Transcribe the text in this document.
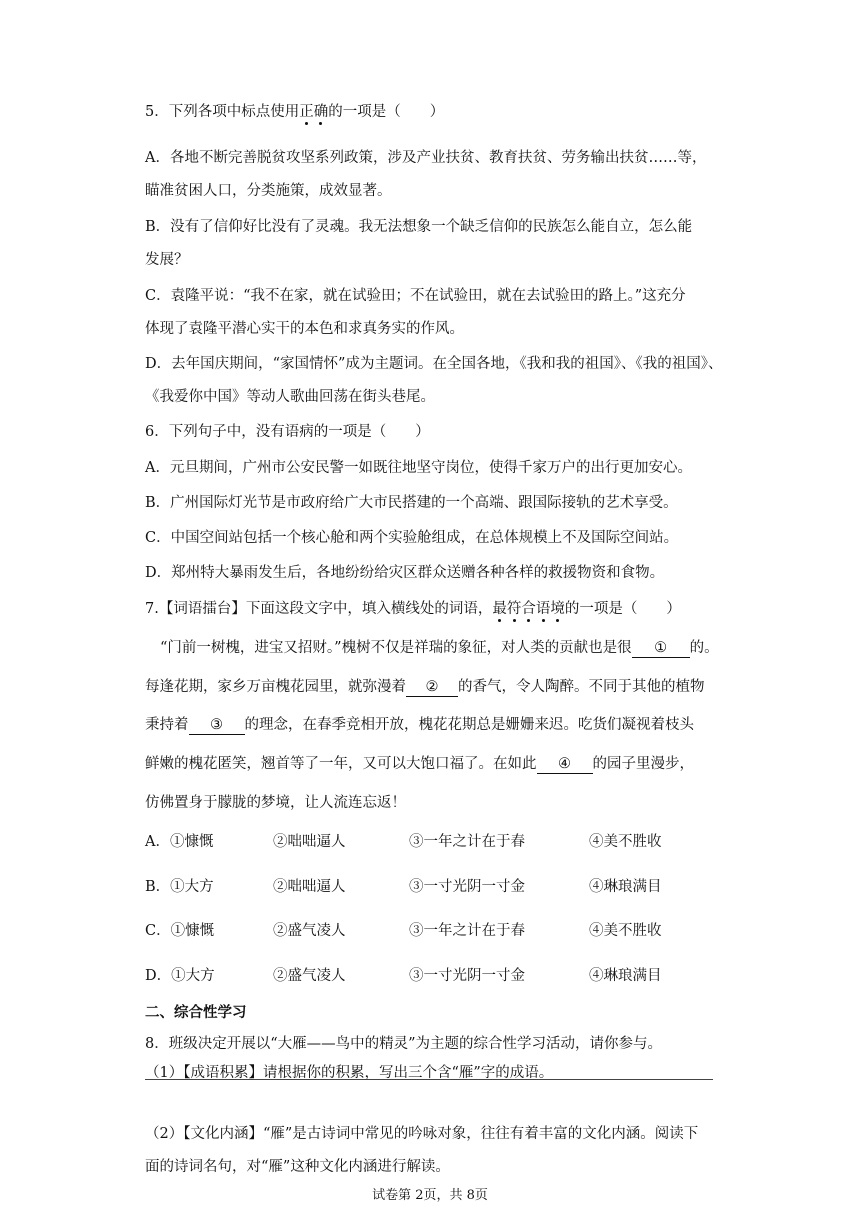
5．下列各项中标点使用正确的一项是（　　）
A．各地不断完善脱贫攻坚系列政策，涉及产业扶贫、教育扶贫、劳务输出扶贫……等，
瞄准贫困人口，分类施策，成效显著。
B．没有了信仰好比没有了灵魂。我无法想象一个缺乏信仰的民族怎么能自立，怎么能
发展？
C．袁隆平说：“我不在家，就在试验田；不在试验田，就在去试验田的路上。”这充分
体现了袁隆平潜心实干的本色和求真务实的作风。
D．去年国庆期间，“家国情怀”成为主题词。在全国各地，《我和我的祖国》、《我的祖国》、
《我爱你中国》等动人歌曲回荡在街头巷尾。
6．下列句子中，没有语病的一项是（　　）
A．元旦期间，广州市公安民警一如既往地坚守岗位，使得千家万户的出行更加安心。
B．广州国际灯光节是市政府给广大市民搭建的一个高端、跟国际接轨的艺术享受。
C．中国空间站包括一个核心舱和两个实验舱组成，在总体规模上不及国际空间站。
D．郑州特大暴雨发生后，各地纷纷给灾区群众送赠各种各样的救援物资和食物。
7.【词语擂台】下面这段文字中，填入横线处的词语，最符合语境的一项是（　　）
“门前一树槐，进宝又招财。”槐树不仅是祥瑞的象征，对人类的贡献也是很 ① 的。
每逢花期，家乡万亩槐花园里，就弥漫着 ② 的香气，令人陶醉。不同于其他的植物
秉持着 ③ 的理念，在春季竞相开放，槐花花期总是姗姗来迟。吃货们凝视着枝头
鲜嫩的槐花匿笑，翘首等了一年，又可以大饱口福了。在如此 ④ 的园子里漫步，
仿佛置身于朦胧的梦境，让人流连忘返！
A．①慷慨	②咄咄逼人	③一年之计在于春	④美不胜收
B．①大方	②咄咄逼人	③一寸光阴一寸金	④琳琅满目
C．①慷慨	②盛气凌人	③一年之计在于春	④美不胜收
D．①大方	②盛气凌人	③一寸光阴一寸金	④琳琅满目
二、综合性学习
8．班级决定开展以“大雁——鸟中的精灵”为主题的综合性学习活动，请你参与。
（1）【成语积累】请根据你的积累，写出三个含“雁”字的成语。
（2）【文化内涵】“雁”是古诗词中常见的吟咏对象，往往有着丰富的文化内涵。阅读下
面的诗词名句，对“雁”这种文化内涵进行解读。
试卷第 2页，共 8页
